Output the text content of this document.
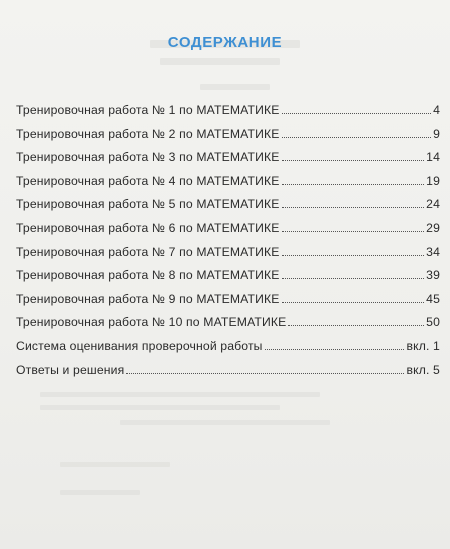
СОДЕРЖАНИЕ
Тренировочная работа № 1 по МАТЕМАТИКЕ	4
Тренировочная работа № 2 по МАТЕМАТИКЕ	9
Тренировочная работа № 3 по МАТЕМАТИКЕ	14
Тренировочная работа № 4 по МАТЕМАТИКЕ	19
Тренировочная работа № 5 по МАТЕМАТИКЕ	24
Тренировочная работа № 6 по МАТЕМАТИКЕ	29
Тренировочная работа № 7 по МАТЕМАТИКЕ	34
Тренировочная работа № 8 по МАТЕМАТИКЕ	39
Тренировочная работа № 9 по МАТЕМАТИКЕ	45
Тренировочная работа № 10 по МАТЕМАТИКЕ	50
Система оценивания проверочной работы	вкл. 1
Ответы и решения	вкл. 5
